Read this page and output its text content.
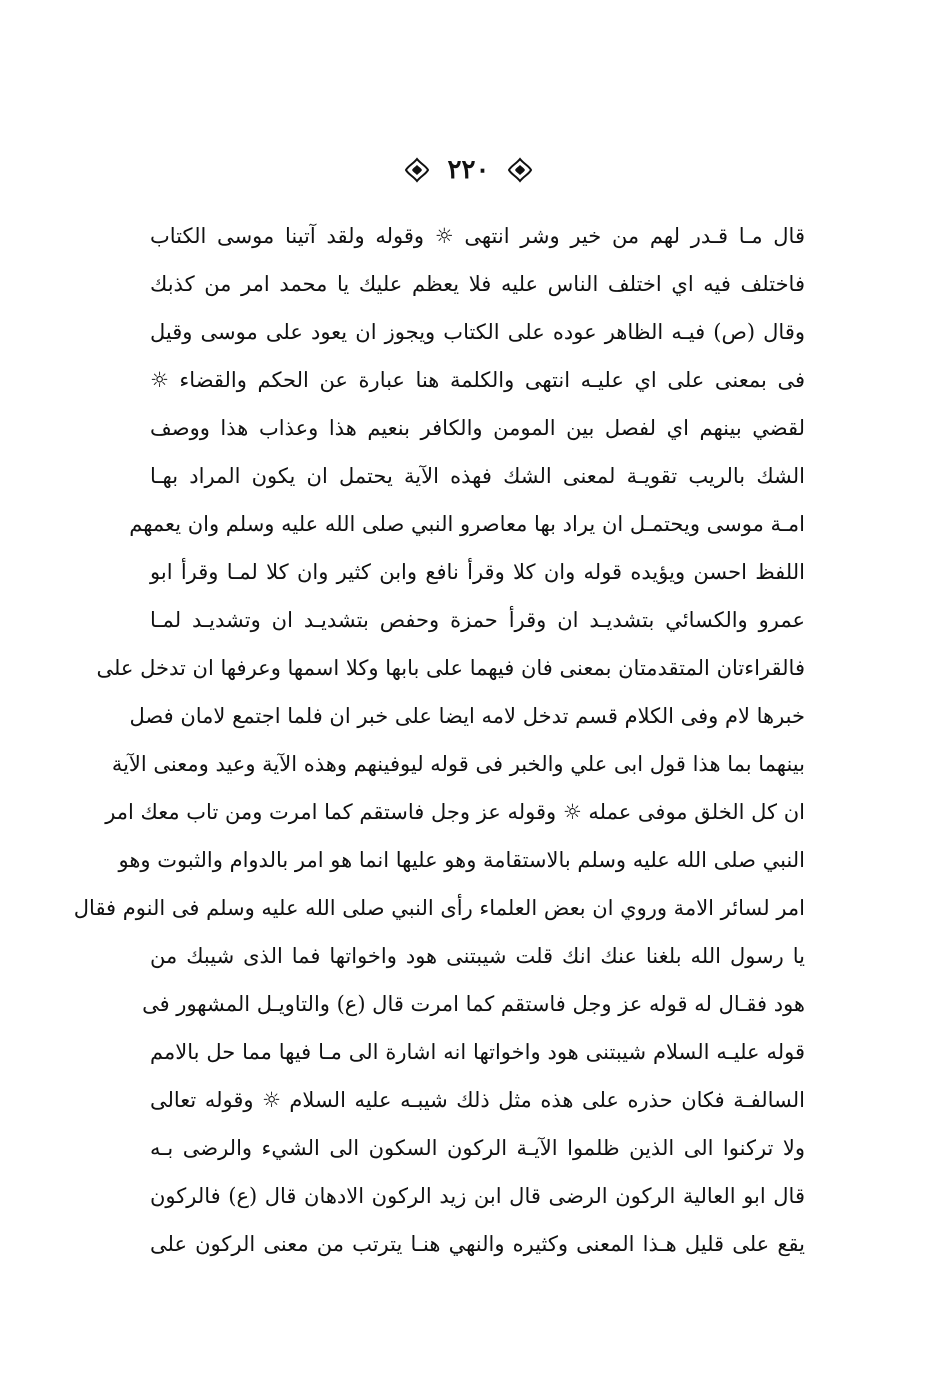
٢٢٠
قال مـا قـدر لهم من خير وشر انتهى ☼ وقوله ولقد آتينا موسى الكتاب
فاختلف فيه اي اختلف الناس عليه فلا يعظم عليك يا محمد امر من كذبك
وقال (ص) فيـه الظاهر عوده على الكتاب ويجوز ان يعود على موسى وقيل
فى بمعنى على اي عليـه انتهى والكلمة هنا عبارة عن الحكم والقضاء ☼
لقضي بينهم اي لفصل بين المومن والكافر بنعيم هذا وعذاب هذا ووصف
الشك بالريب تقويـة لمعنى الشك فهذه الآية يحتمل ان يكون المراد بهـا
امـة موسى ويحتمـل ان يراد بها معاصرو النبي صلى الله عليه وسلم وان يعمهم
اللفظ احسن ويؤيده قوله وان كلا وقرأ نافع وابن كثير وان كلا لمـا وقرأ ابو
عمرو والكسائي بتشديـد ان وقرأ حمزة وحفص بتشديـد ان وتشديـد لمـا
فالقراءتان المتقدمتان بمعنى فان فيهما على بابها وكلا اسمها وعرفها ان تدخل على
خبرها لام وفى الكلام قسم تدخل لامه ايضا على خبر ان فلما اجتمع لامان فصل
بينهما بما هذا قول ابى علي والخبر فى قوله ليوفينهم وهذه الآية وعيد ومعنى الآية
ان كل الخلق موفى عمله ☼ وقوله عز وجل فاستقم كما امرت ومن تاب معك امر
النبي صلى الله عليه وسلم بالاستقامة وهو عليها انما هو امر بالدوام والثبوت وهو
امر لسائر الامة وروي ان بعض العلماء رأى النبي صلى الله عليه وسلم فى النوم فقال
يا رسول الله بلغنا عنك انك قلت شيبتنى هود واخواتها فما الذى شيبك من
هود فقـال له قوله عز وجل فاستقم كما امرت قال (ع) والتاويـل المشهور فى
قوله عليـه السلام شيبتنى هود واخواتها انه اشارة الى مـا فيها مما حل بالامم
السالفـة فكان حذره على هذه مثل ذلك شيبـه عليه السلام ☼ وقوله تعالى
ولا تركنوا الى الذين ظلموا الآيـة الركون السكون الى الشيء والرضى بـه
قال ابو العالية الركون الرضى قال ابن زيد الركون الادهان قال (ع) فالركون
يقع على قليل هـذا المعنى وكثيره والنهي هنـا يترتب من معنى الركون على
